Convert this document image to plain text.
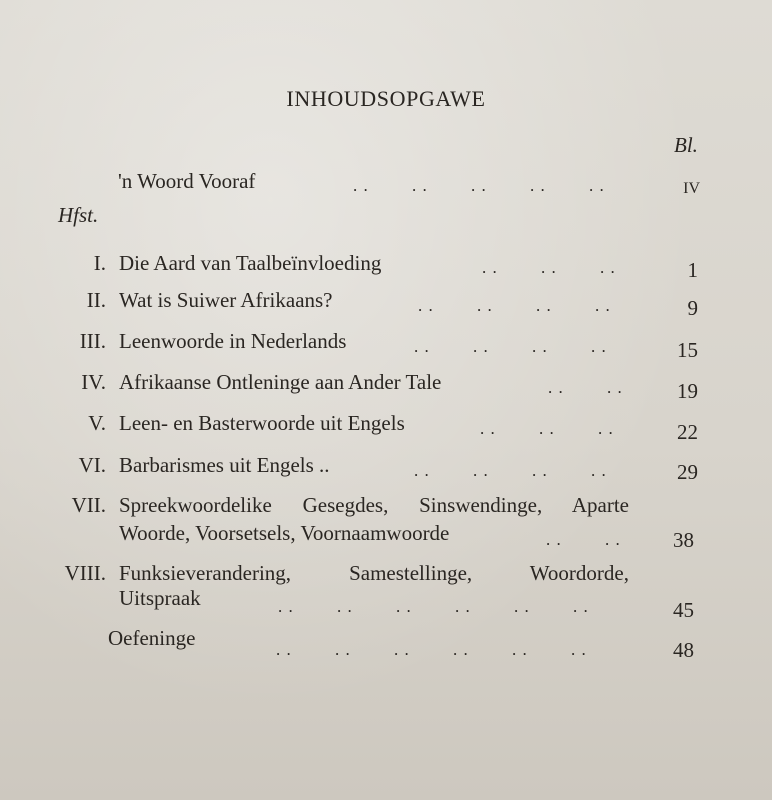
INHOUDSOPGAWE
Bl.
'n Woord Vooraf	. .	. .	. .	. .	. .	IV
Hfst.
I. Die Aard van Taalbeïnvloeding	. .	. .	. .	1
II. Wat is Suiwer Afrikaans?	. .	. .	. .	. .	9
III. Leenwoorde in Nederlands	. .	. .	. .	. .	15
IV. Afrikaanse Ontleninge aan Ander Tale	. .	. .	19
V. Leen- en Basterwoorde uit Engels	. .	. .	. .	22
VI. Barbarismes uit Engels ..	. .	. .	. .	. .	29
VII. Spreekwoordelike Gesegdes, Sinswendinge, Aparte
Woorde, Voorsetsels, Voornaamwoorde	. .	. .	38
VIII. Funksieverandering, Samestellinge, Woordorde,
Uitspraak	. .	. .	. .	. .	. .	. .	45
Oefeninge	. .	. .	. .	. .	. .	. .	48
